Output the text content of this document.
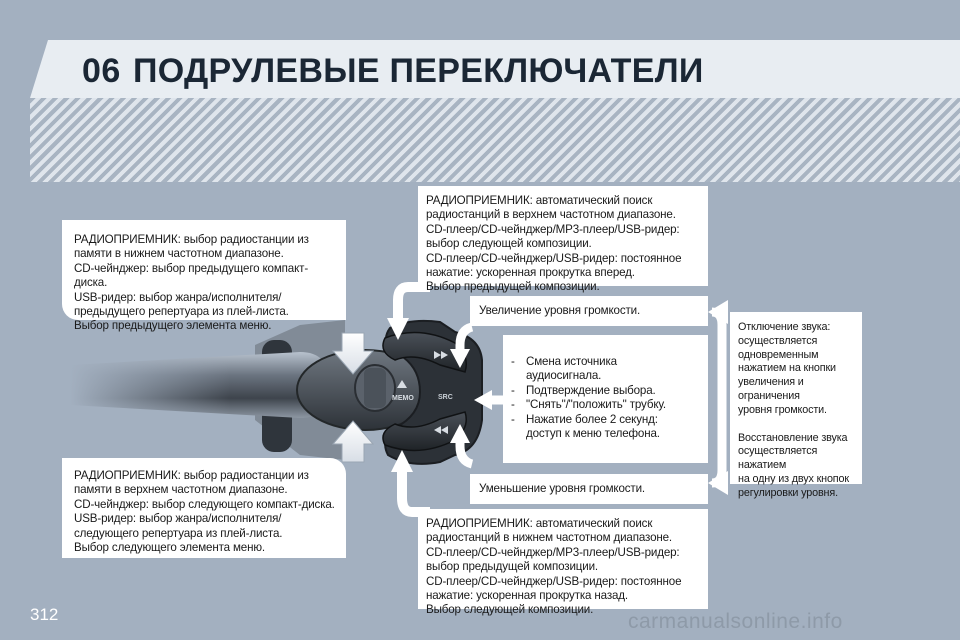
06 ПОДРУЛЕВЫЕ ПЕРЕКЛЮЧАТЕЛИ
MEMO	SRC

РАДИОПРИЕМНИК: выбор радиостанции из
памяти в нижнем частотном диапазоне.
CD-чейнджер: выбор предыдущего компакт-диска.
USB-ридер: выбор жанра/исполнителя/
предыдущего репертуара из плей-листа.
Выбор предыдущего элемента меню.

РАДИОПРИЕМНИК: выбор радиостанции из
памяти в верхнем частотном диапазоне.
CD-чейнджер: выбор следующего компакт-диска.
USB-ридер: выбор жанра/исполнителя/
следующего репертуара из плей-листа.
Выбор следующего элемента меню.

РАДИОПРИЕМНИК: автоматический поиск
радиостанций в верхнем частотном диапазоне.
CD-плеер/CD-чейнджер/MP3-плеер/USB-ридер:
выбор следующей композиции.
CD-плеер/CD-чейнджер/USB-ридер: постоянное
нажатие: ускоренная прокрутка вперед.
Выбор предыдущей композиции.

РАДИОПРИЕМНИК: автоматический поиск
радиостанций в нижнем частотном диапазоне.
CD-плеер/CD-чейнджер/MP3-плеер/USB-ридер:
выбор предыдущей композиции.
CD-плеер/CD-чейнджер/USB-ридер: постоянное
нажатие: ускоренная прокрутка назад.
Выбор следующей композиции.

Увеличение уровня громкости.

Уменьшение уровня громкости.

- Смена источника
аудиосигнала.
- Подтверждение выбора.
- "Снять"/"положить" трубку.
- Нажатие более 2 секунд:
доступ к меню телефона.

Отключение звука:
осуществляется
одновременным
нажатием на кнопки
увеличения и ограничения
уровня громкости.

Восстановление звука
осуществляется нажатием
на одну из двух кнопок
регулировки уровня.

312	carmanualsonline.info
